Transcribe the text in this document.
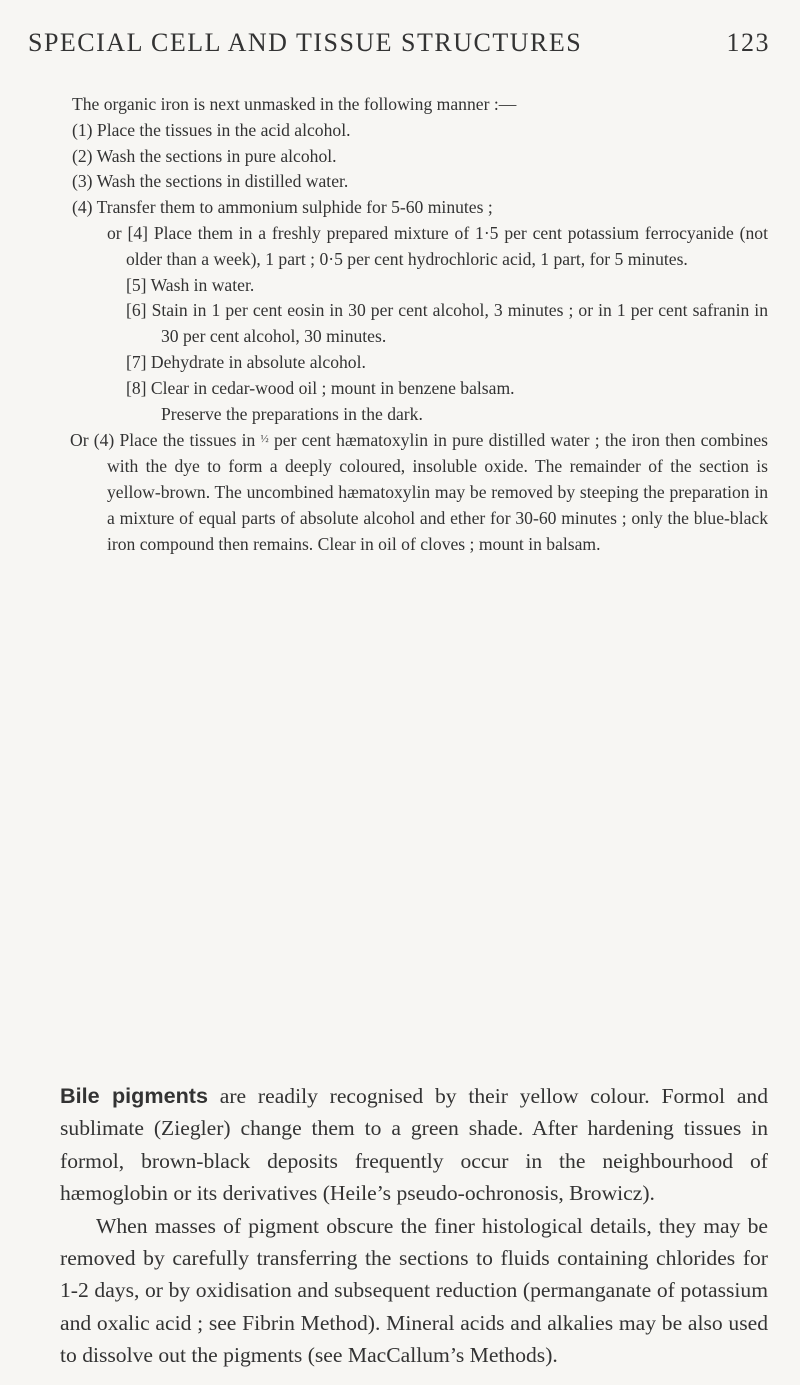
SPECIAL CELL AND TISSUE STRUCTURES	123

The organic iron is next unmasked in the following manner :—

(1) Place the tissues in the acid alcohol.

(2) Wash the sections in pure alcohol.

(3) Wash the sections in distilled water.

(4) Transfer them to ammonium sulphide for 5-60 minutes ;

or [4] Place them in a freshly prepared mixture of 1·5 per cent potassium ferrocyanide (not older than a week), 1 part ; 0·5 per cent hydrochloric acid, 1 part, for 5 minutes.

[5] Wash in water.

[6] Stain in 1 per cent eosin in 30 per cent alcohol, 3 minutes ; or in 1 per cent safranin in 30 per cent alcohol, 30 minutes.

[7] Dehydrate in absolute alcohol.

[8] Clear in cedar-wood oil ; mount in benzene balsam.

Preserve the preparations in the dark.

Or (4) Place the tissues in $^{\frac{1}{2}}$ per cent hæmatoxylin in pure distilled water ; the iron then combines with the dye to form a deeply coloured, insoluble oxide. The remainder of the section is yellow-brown. The uncombined hæmatoxylin may be removed by steeping the preparation in a mixture of equal parts of absolute alcohol and ether for 30-60 minutes ; only the blue-black iron compound then remains. Clear in oil of cloves ; mount in balsam.

Bile pigments are readily recognised by their yellow colour. Formol and sublimate (Ziegler) change them to a green shade. After hardening tissues in formol, brown-black deposits frequently occur in the neighbourhood of hæmoglobin or its derivatives (Heile’s pseudo-ochronosis, Browicz).

When masses of pigment obscure the finer histological details, they may be removed by carefully transferring the sections to fluids containing chlorides for 1-2 days, or by oxidisation and subsequent reduction (permanganate of potassium and oxalic acid ; see Fibrin Method). Mineral acids and alkalies may be also used to dissolve out the pigments (see MacCallum’s Methods).
